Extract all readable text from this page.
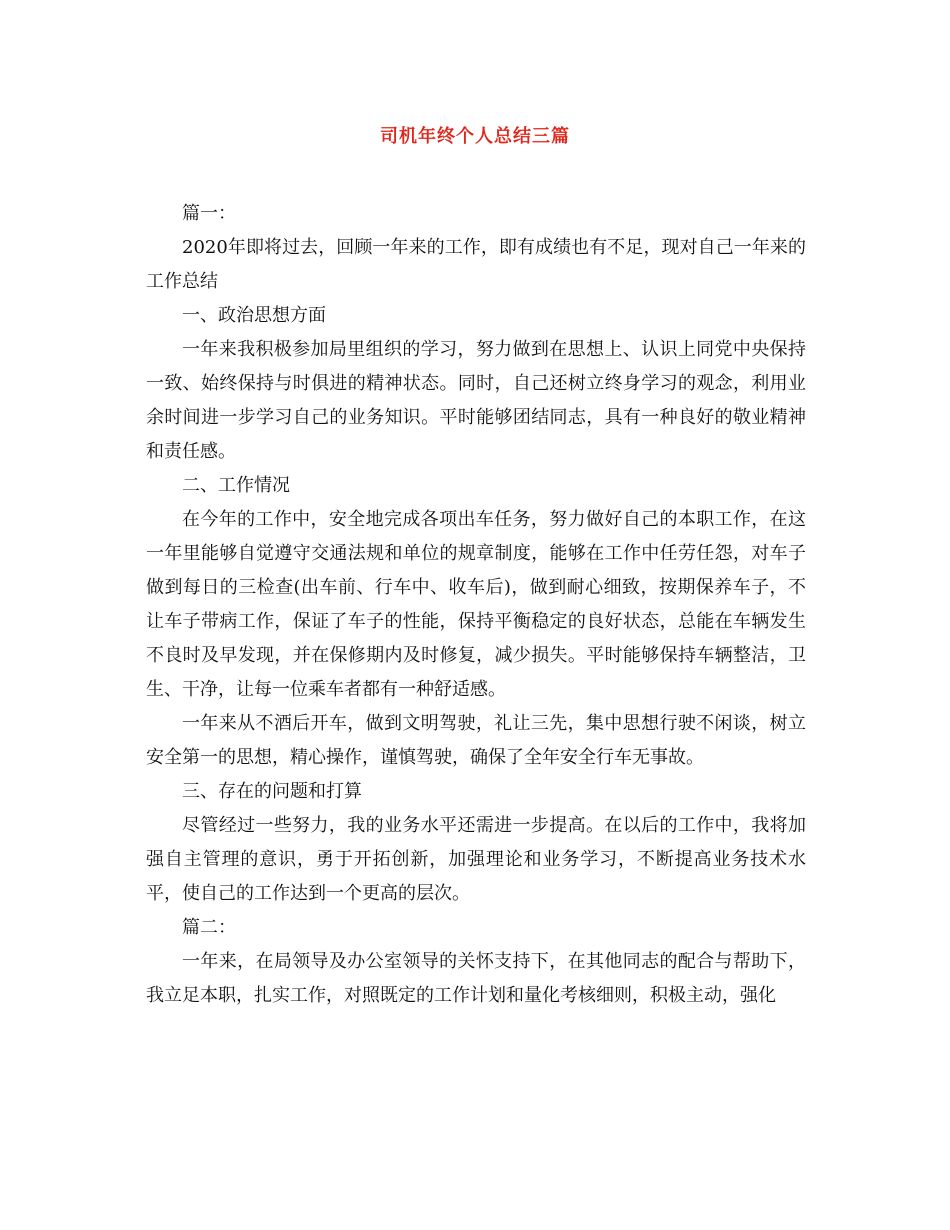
司机年终个人总结三篇

篇一：

2020年即将过去，回顾一年来的工作，即有成绩也有不足，现对自己一年来的工作总结

一、政治思想方面

一年来我积极参加局里组织的学习，努力做到在思想上、认识上同党中央保持一致、始终保持与时俱进的精神状态。同时，自己还树立终身学习的观念，利用业余时间进一步学习自己的业务知识。平时能够团结同志，具有一种良好的敬业精神和责任感。

二、工作情况

在今年的工作中，安全地完成各项出车任务，努力做好自己的本职工作，在这一年里能够自觉遵守交通法规和单位的规章制度，能够在工作中任劳任怨，对车子做到每日的三检查(出车前、行车中、收车后)，做到耐心细致，按期保养车子，不让车子带病工作，保证了车子的性能，保持平衡稳定的良好状态，总能在车辆发生不良时及早发现，并在保修期内及时修复，减少损失。平时能够保持车辆整洁，卫生、干净，让每一位乘车者都有一种舒适感。

一年来从不酒后开车，做到文明驾驶，礼让三先，集中思想行驶不闲谈，树立安全第一的思想，精心操作，谨慎驾驶，确保了全年安全行车无事故。

三、存在的问题和打算

尽管经过一些努力，我的业务水平还需进一步提高。在以后的工作中，我将加强自主管理的意识，勇于开拓创新，加强理论和业务学习，不断提高业务技术水平，使自己的工作达到一个更高的层次。

篇二：

一年来，在局领导及办公室领导的关怀支持下，在其他同志的配合与帮助下，我立足本职，扎实工作，对照既定的工作计划和量化考核细则，积极主动，强化
